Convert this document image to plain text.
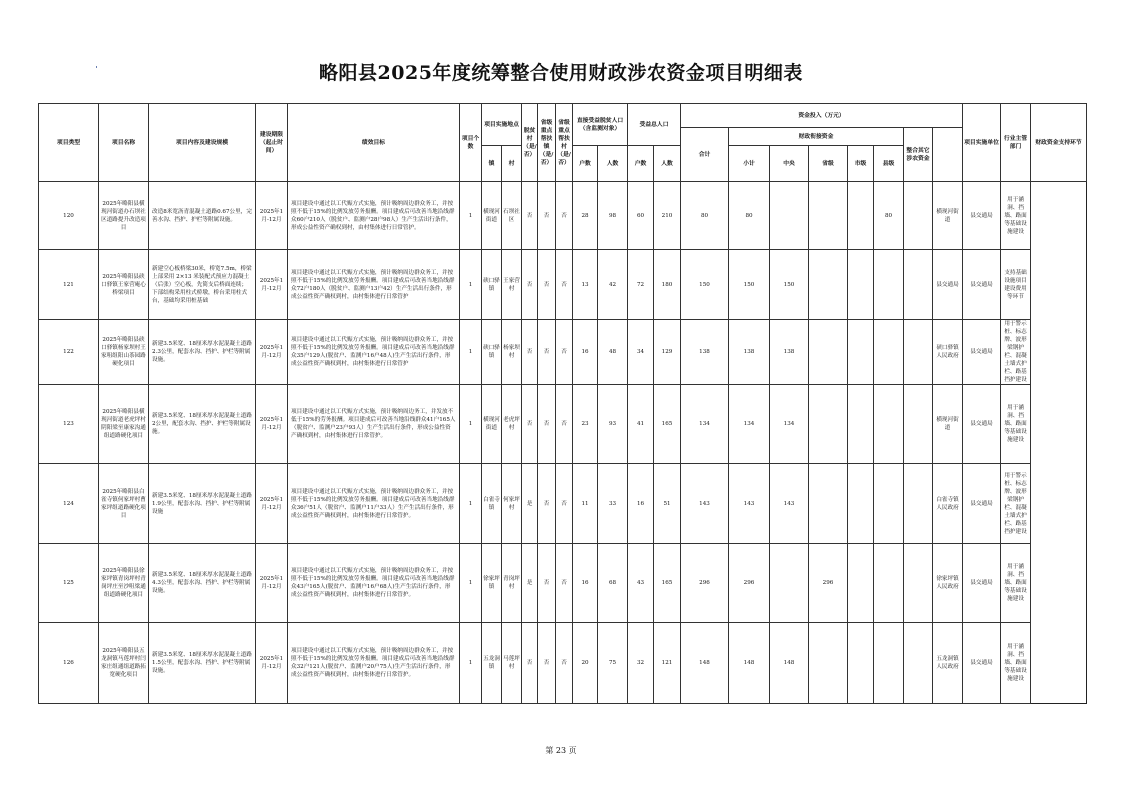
略阳县2025年度统筹整合使用财政涉农资金项目明细表
项目类型	项目名称	项目内容及建设规模	建设期限（起止时间）	绩效目标	项目个数	项目实施地点		脱贫村（是/否）	省级重点帮扶镇（是/否）	省级重点帮扶村（是/否）	直接受益脱贫人口（含监测对象）		受益总人口		资金投入（万元）								项目实施单位	行业主管部门	财政资金支持环节
															合计	财政衔接资金					整合其它涉农资金				
						镇	村				户数	人数	户数	人数		小计	中央	省级	市级	县级					
120	2025年略阳县横现河街道办石坝社区道路提升改造项目	改造8米宽沥青混凝土道路0.67公里，完善水沟、挡护、护栏等附属设施。	2025年1月-12月	项目建设中通过以工代赈方式实施，预计吸纳周边群众务工，并按照不低于15%的比例发放劳务报酬。项目建成后可改善当地沿线群众60户210人（脱贫户、监测户28户98人）生产生活出行条件，形成公益性资产确权到村，由村集体进行日常管护。	1	横现河街道	石坝社区	否	否	否	28	98	60	210	80	80				80		横现河街道	县交通局	用于涵洞、挡墙、路面等基础设施建设	
121	2025年略阳县硖口驿镇王家营庵心桥梁项目	新建空心板桥梁30米，桥宽7.5m，桥梁上部采用 2×13 米装配式预应力混凝土（后张）空心板，先简支后桥面连续；下部结构采用柱式桥墩，桥台采用柱式台，基础均采用桩基础	2025年1月-12月	项目建设中通过以工代赈方式实施，预计吸纳周边群众务工，并按照不低于15%的比例发放劳务报酬。项目建成后可改善当地沿线群众72户180人（脱贫户、监测户13户42）生产生活出行条件，形成公益性资产确权到村，由村集体进行日常管护	1	硖口驿镇	王家营村	否	否	否	13	42	72	180	150	150	150					县交通局	县交通局	支持基础设施项目建设费用等环节	
122	2025年略阳县硖口驿镇杨家坝村王家咀组阳山茶园路硬化项目	新建3.5米宽、18厘米厚水泥混凝土道路2.3公里，配套水沟、挡护、护栏等附属设施。	2025年1月-12月	项目建设中通过以工代赈方式实施，预计吸纳周边群众务工，并按照不低于15%的比例发放劳务报酬。项目建成后可改善当地沿线群众35户129人(脱贫户、监测户16户48人)生产生活出行条件，形成公益性资产确权到村，由村集体进行日常管护	1	硖口驿镇	杨家坝村	否	否	否	16	48	34	129	138	138	138					硖口驿镇人民政府	县交通局	用于警示桩、标志牌、波形梁钢护栏、混凝土墙式护栏、路基挡护建设	
123	2025年略阳县横现河街道老虎坪村阴阳梁至康家沟通组道路硬化项目	新建3.5米宽、18厘米厚水泥混凝土道路2公里，配套水沟、挡护、护栏等附属设施。	2025年1月-12月	项目建设中通过以工代赈方式实施，预计吸纳周边务工，并发放不低于15%的劳务报酬。项目建成后可改善当地沿线群众41户165人（脱贫户、监测户23户93人）生产生活出行条件，形成公益性资产确权到村，由村集体进行日常管护。	1	横现河街道	老虎坪村	否	否	否	23	93	41	165	134	134	134					横现河街道	县交通局	用于涵洞、挡墙、路面等基础设施建设	
124	2025年略阳县白雀寺镇何家坪村曹家坪组道路硬化项目	新建3.5米宽、18厘米厚水泥混凝土道路1.9公里，配套水沟、挡护、护栏等附属设施	2025年1月-12月	项目建设中通过以工代赈方式实施，预计吸纳周边群众务工，并按照不低于15%的比例发放劳务报酬。项目建成后可改善当地沿线群众36户51人（脱贫户、监测户11户33人）生产生活出行条件，形成公益性资产确权到村，由村集体进行日常管护。	1	白雀寺镇	何家坪村	是	否	否	11	33	16	51	143	143	143					白雀寺镇人民政府	县交通局	用于警示桩、标志牌、波形梁钢护栏、混凝土墙式护栏、路基挡护建设	
125	2025年略阳县徐家坪镇青岗坪村青岗坪庄至沙咀梁通组道路硬化项目	新建3.5米宽、18厘米厚水泥混凝土道路4.3公里，配套水沟、挡护、护栏等附属设施。	2025年1月-12月	项目建设中通过以工代赈方式实施，预计吸纳周边群众务工，并按照不低于15%的比例发放劳务报酬。项目建成后可改善当地沿线群众43户165人(脱贫户、监测户16户68人)生产生活出行条件，形成公益性资产确权到村，由村集体进行日常管护。	1	徐家坪镇	青岗坪村	是	否	否	16	68	43	165	296	296		296				徐家坪镇人民政府	县交通局	用于涵洞、挡墙、路面等基础设施建设	
126	2025年略阳县五龙洞镇马莲坪村闫家庄组通组道路拓宽硬化项目	新建3.5米宽、18厘米厚水泥混凝土道路1.5公里，配套水沟、挡护、护栏等附属设施。	2025年1月-12月	项目建设中通过以工代赈方式实施，预计吸纳周边群众务工，并按照不低于15%的比例发放劳务报酬。项目建成后可改善当地沿线群众32户121人(脱贫户、监测户20户75人)生产生活出行条件，形成公益性资产确权到村，由村集体进行日常管护。	1	五龙洞镇	马莲坪村	否	否	否	20	75	32	121	148	148	148					五龙洞镇人民政府	县交通局	用于涵洞、挡墙、路面等基础设施建设	
第 23 页
